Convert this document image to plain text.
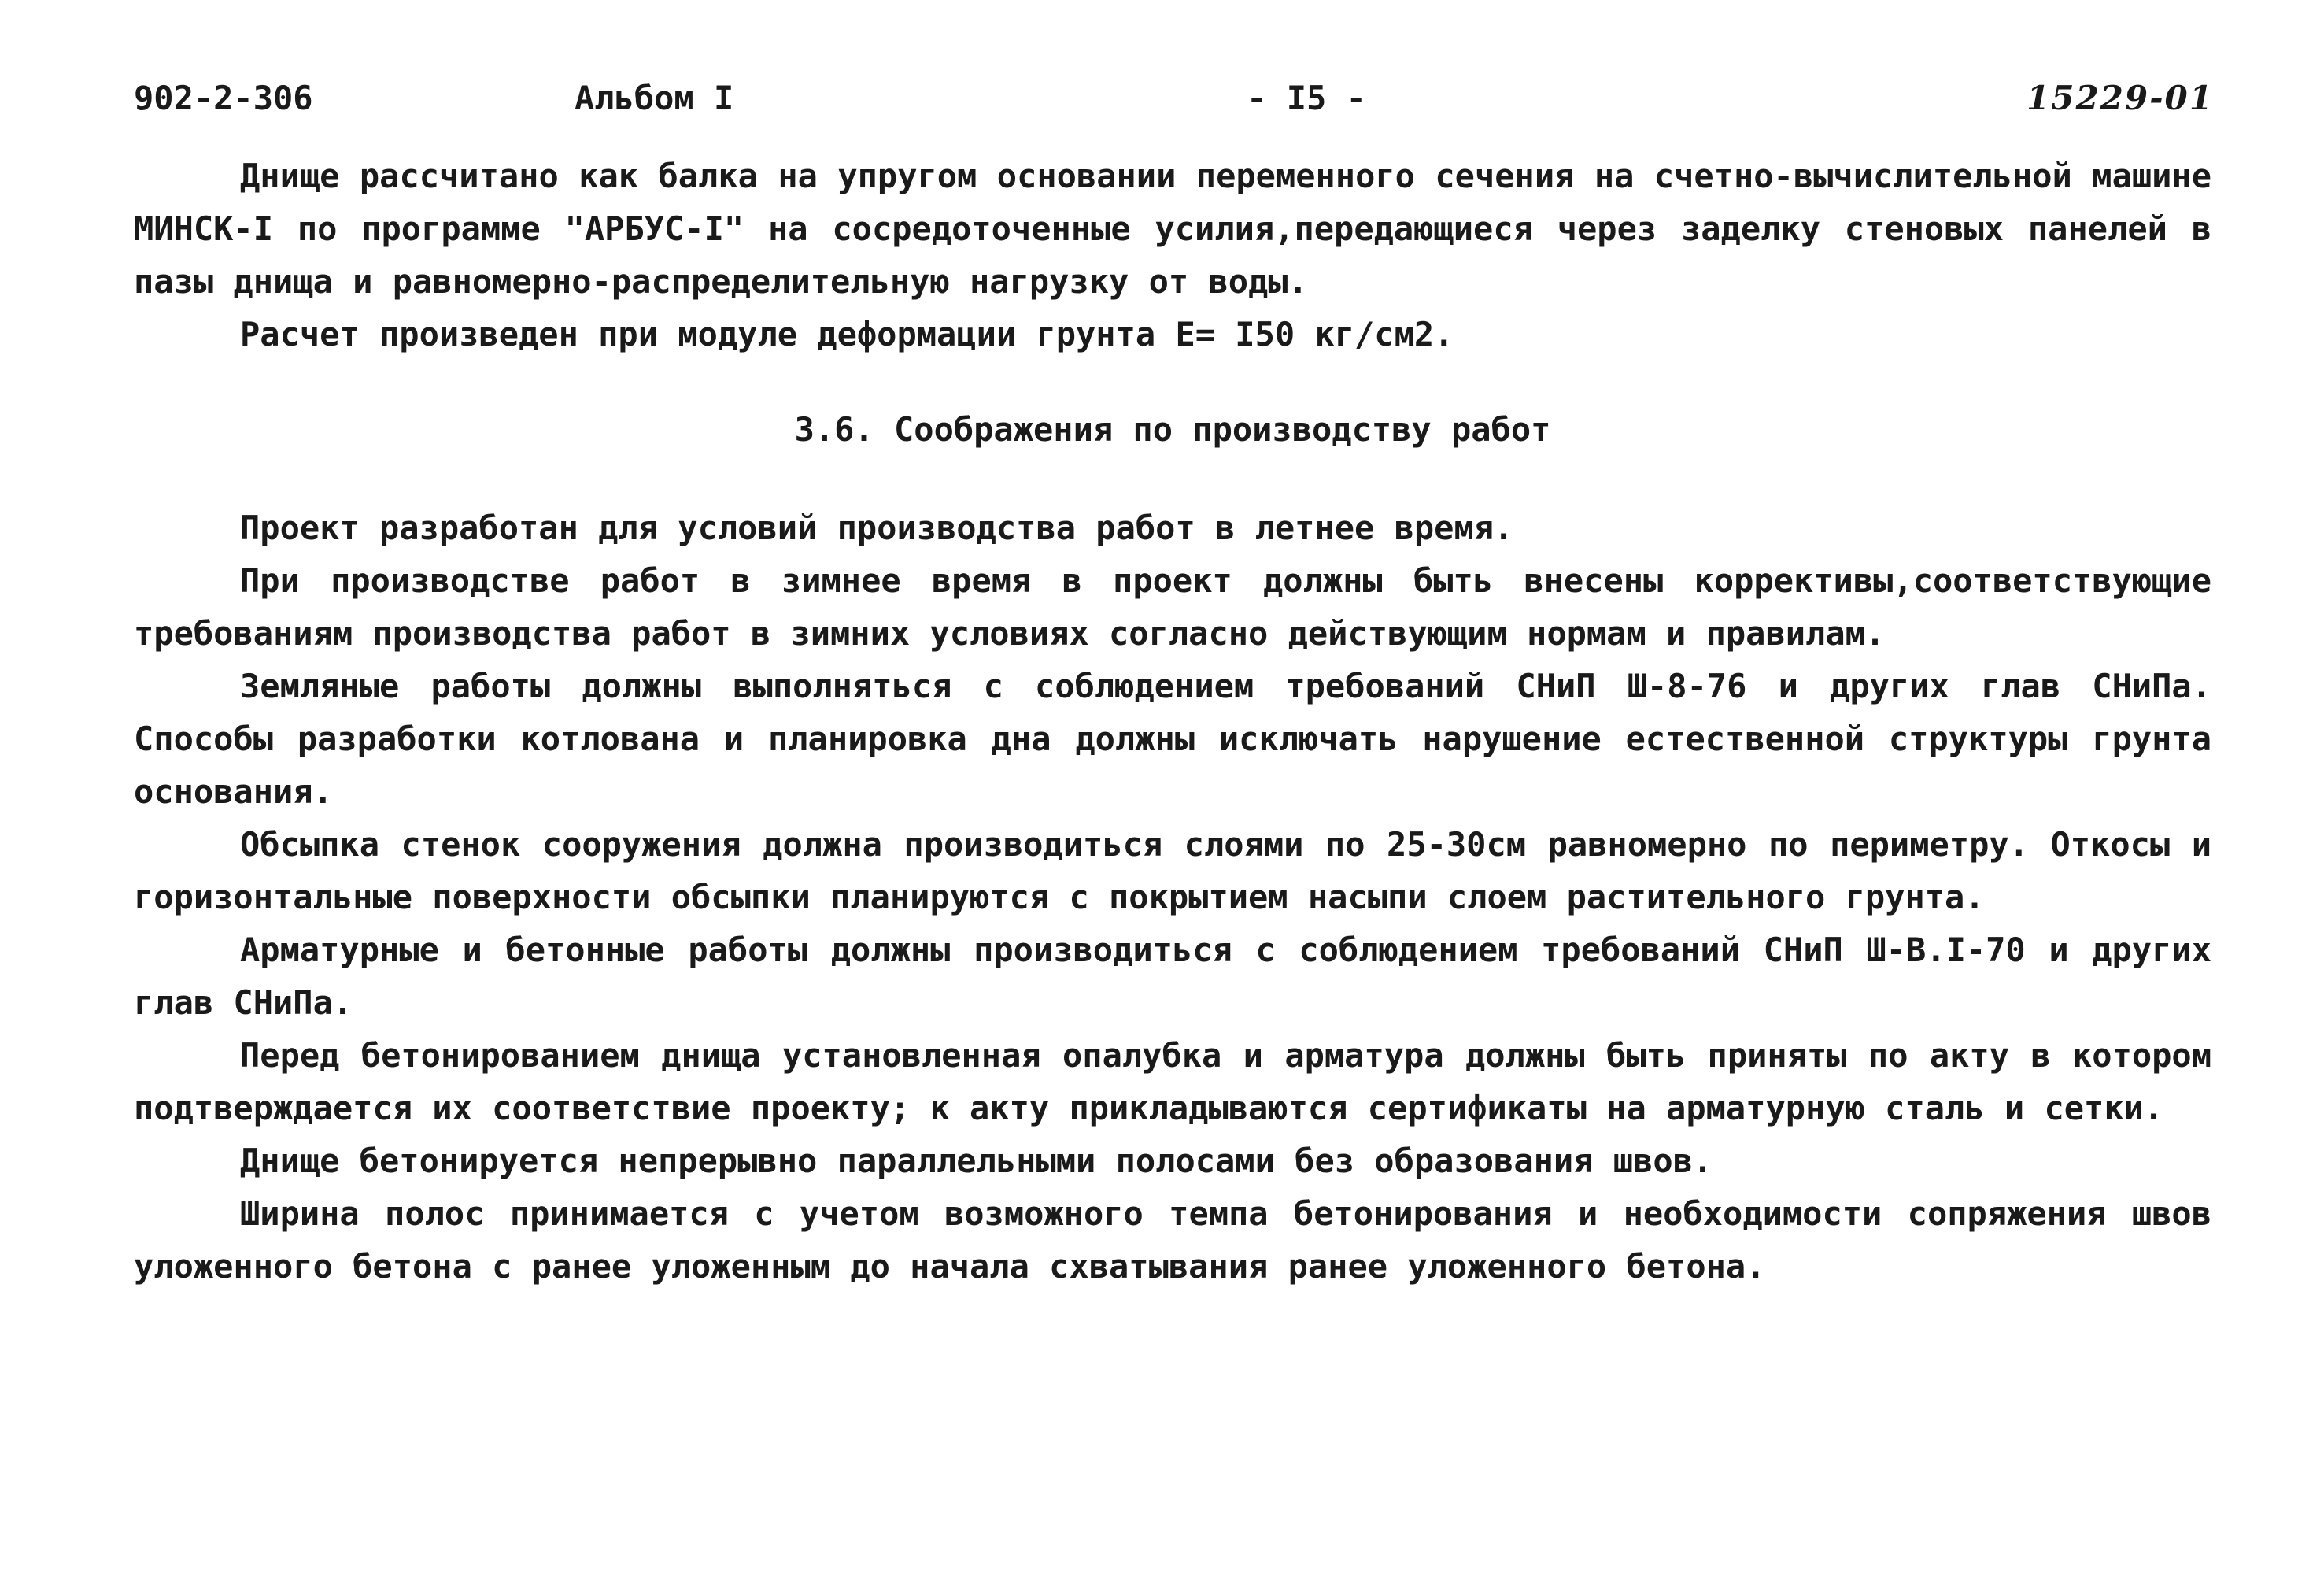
902-2-306	Альбом I	- I5 -	15229-01

Днище рассчитано как балка на упругом основании переменного сечения на счетно-вычислительной машине МИНСК-I по программе "АРБУС-I" на сосредоточенные усилия,передающиеся через заделку стеновых панелей в пазы днища и равномерно-распределительную нагрузку от воды.

Расчет произведен при модуле деформации грунта Е= I50 кг/см2.

3.6. Соображения по производству работ

Проект разработан для условий производства работ в летнее время.

При производстве работ в зимнее время в проект должны быть внесены коррективы,соответствующие требованиям производства работ в зимних условиях согласно действующим нормам и правилам.

Земляные работы должны выполняться с соблюдением требований СНиП Ш-8-76 и других глав СНиПа. Способы разработки котлована и планировка дна должны исключать нарушение естественной структуры грунта основания.

Обсыпка стенок сооружения должна производиться слоями по 25-30см равномерно по периметру. Откосы и горизонтальные поверхности обсыпки планируются с покрытием насыпи слоем растительного грунта.

Арматурные и бетонные работы должны производиться с соблюдением требований СНиП Ш-В.I-70 и других глав СНиПа.

Перед бетонированием днища установленная опалубка и арматура должны быть приняты по акту в котором подтверждается их соответствие проекту; к акту прикладываются сертификаты на арматурную сталь и сетки.

Днище бетонируется непрерывно параллельными полосами без образования швов.

Ширина полос принимается с учетом возможного темпа бетонирования и необходимости сопряжения швов уложенного бетона с ранее уложенным до начала схватывания ранее уложенного бетона.
